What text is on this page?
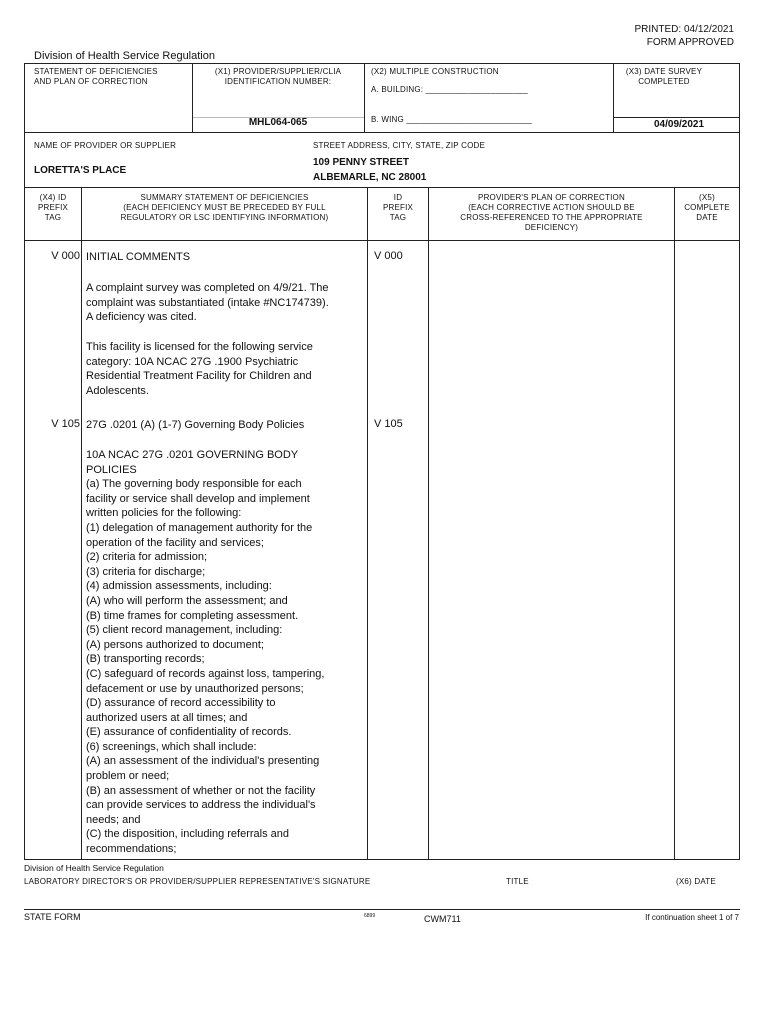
PRINTED: 04/12/2021
FORM APPROVED
Division of Health Service Regulation
STATEMENT OF DEFICIENCIES
AND PLAN OF CORRECTION
(X1) PROVIDER/SUPPLIER/CLIA
IDENTIFICATION NUMBER:
MHL064-065
(X2) MULTIPLE CONSTRUCTION
A. BUILDING: ______________________
B. WING ___________________________
(X3) DATE SURVEY
COMPLETED
04/09/2021
NAME OF PROVIDER OR SUPPLIER
LORETTA'S PLACE
STREET ADDRESS, CITY, STATE, ZIP CODE
109 PENNY STREET
ALBEMARLE, NC 28001
(X4) ID
PREFIX
TAG
SUMMARY STATEMENT OF DEFICIENCIES
(EACH DEFICIENCY MUST BE PRECEDED BY FULL
REGULATORY OR LSC IDENTIFYING INFORMATION)
ID
PREFIX
TAG
PROVIDER'S PLAN OF CORRECTION
(EACH CORRECTIVE ACTION SHOULD BE
CROSS-REFERENCED TO THE APPROPRIATE
DEFICIENCY)
(X5)
COMPLETE
DATE
V 000	V 000
INITIAL COMMENTS
A complaint survey was completed on 4/9/21. The
complaint was substantiated (intake #NC174739).
A deficiency was cited.
This facility is licensed for the following service
category: 10A NCAC 27G .1900 Psychiatric
Residential Treatment Facility for Children and
Adolescents.
V 105	V 105
27G .0201 (A) (1-7) Governing Body Policies
10A NCAC 27G .0201 GOVERNING BODY
POLICIES
(a) The governing body responsible for each
facility or service shall develop and implement
written policies for the following:
(1) delegation of management authority for the
operation of the facility and services;
(2) criteria for admission;
(3) criteria for discharge;
(4) admission assessments, including:
(A) who will perform the assessment; and
(B) time frames for completing assessment.
(5) client record management, including:
(A) persons authorized to document;
(B) transporting records;
(C) safeguard of records against loss, tampering,
defacement or use by unauthorized persons;
(D) assurance of record accessibility to
authorized users at all times; and
(E) assurance of confidentiality of records.
(6) screenings, which shall include:
(A) an assessment of the individual's presenting
problem or need;
(B) an assessment of whether or not the facility
can provide services to address the individual's
needs; and
(C) the disposition, including referrals and
recommendations;
Division of Health Service Regulation
LABORATORY DIRECTOR'S OR PROVIDER/SUPPLIER REPRESENTATIVE'S SIGNATURE	TITLE	(X6) DATE
STATE FORM	6899	CWM711	If continuation sheet 1 of 7
